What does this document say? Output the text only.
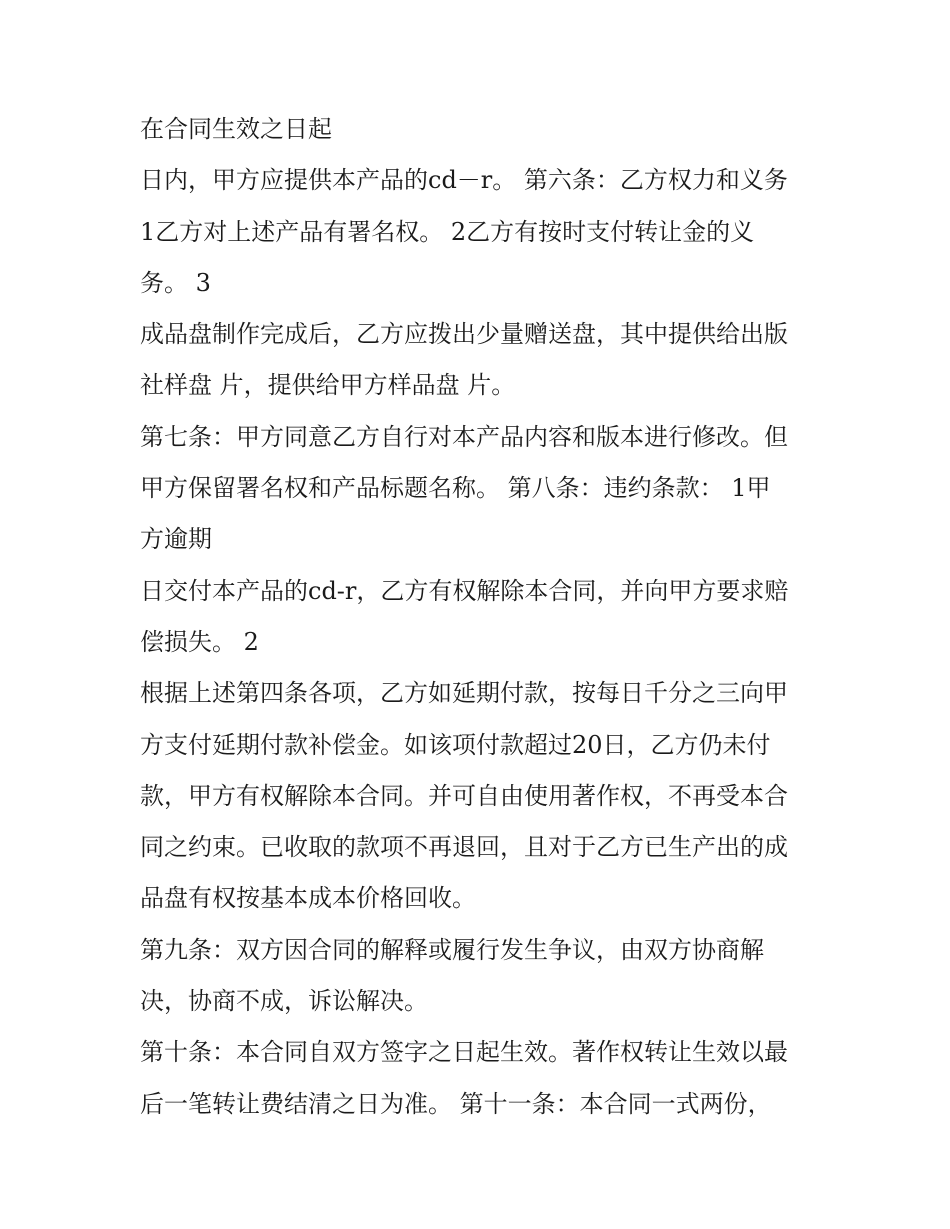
在合同生效之日起
日内，甲方应提供本产品的cd－r。 第六条：乙方权力和义务
1乙方对上述产品有署名权。 2乙方有按时支付转让金的义
务。 3
成品盘制作完成后，乙方应拨出少量赠送盘，其中提供给出版
社样盘 片，提供给甲方样品盘 片。
第七条：甲方同意乙方自行对本产品内容和版本进行修改。但
甲方保留署名权和产品标题名称。 第八条：违约条款： 1甲
方逾期
日交付本产品的cd-r，乙方有权解除本合同，并向甲方要求赔
偿损失。 2
根据上述第四条各项，乙方如延期付款，按每日千分之三向甲
方支付延期付款补偿金。如该项付款超过20日，乙方仍未付
款，甲方有权解除本合同。并可自由使用著作权，不再受本合
同之约束。已收取的款项不再退回，且对于乙方已生产出的成
品盘有权按基本成本价格回收。
第九条：双方因合同的解释或履行发生争议，由双方协商解
决，协商不成，诉讼解决。
第十条：本合同自双方签字之日起生效。著作权转让生效以最
后一笔转让费结清之日为准。 第十一条：本合同一式两份，
